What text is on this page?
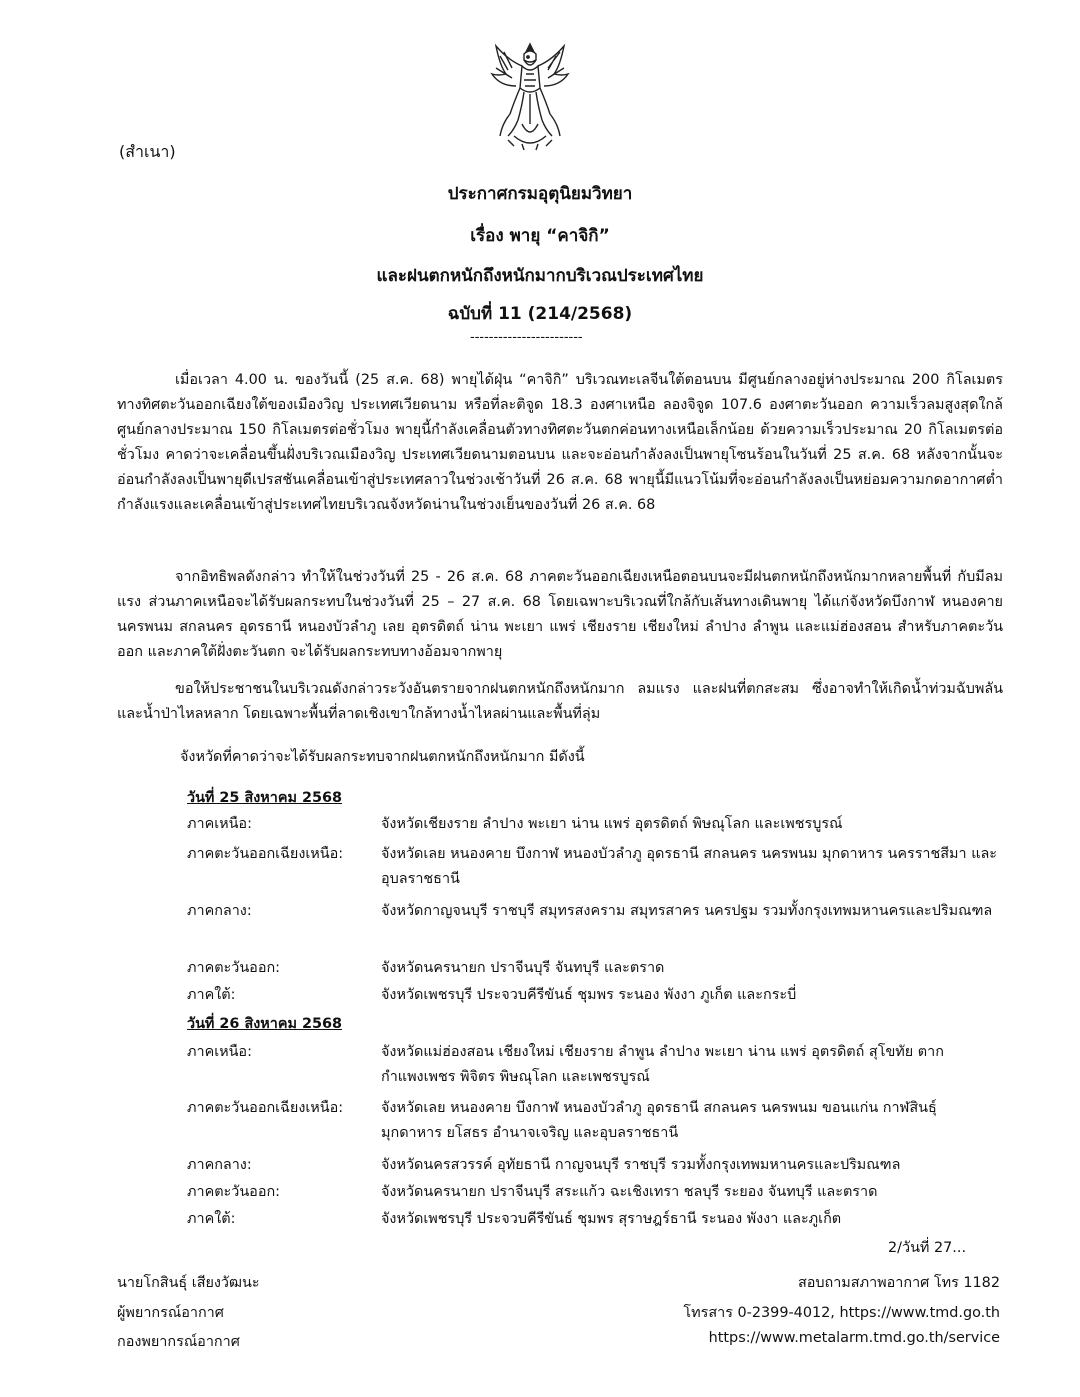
(สำเนา)
ประกาศกรมอุตุนิยมวิทยา
เรื่อง พายุ “คาจิกิ”
และฝนตกหนักถึงหนักมากบริเวณประเทศไทย
ฉบับที่ 11 (214/2568)
------------------------
เมื่อเวลา 4.00 น. ของวันนี้ (25 ส.ค. 68) พายุได้ฝุ่น “คาจิกิ” บริเวณทะเลจีนใต้ตอนบน มีศูนย์กลางอยู่ห่างประมาณ 200 กิโลเมตร ทางทิศตะวันออกเฉียงใต้ของเมืองวิญ ประเทศเวียดนาม หรือที่ละติจูด 18.3 องศาเหนือ ลองจิจูด 107.6 องศาตะวันออก ความเร็วลมสูงสุดใกล้ศูนย์กลางประมาณ 150 กิโลเมตรต่อชั่วโมง พายุนี้กำลังเคลื่อนตัวทางทิศตะวันตกค่อนทางเหนือเล็กน้อย ด้วยความเร็วประมาณ 20 กิโลเมตรต่อชั่วโมง คาดว่าจะเคลื่อนขึ้นฝั่งบริเวณเมืองวิญ ประเทศเวียดนามตอนบน และจะอ่อนกำลังลงเป็นพายุโซนร้อนในวันที่ 25 ส.ค. 68 หลังจากนั้นจะอ่อนกำลังลงเป็นพายุดีเปรสชันเคลื่อนเข้าสู่ประเทศลาวในช่วงเช้าวันที่ 26 ส.ค. 68 พายุนี้มีแนวโน้มที่จะอ่อนกำลังลงเป็นหย่อมความกดอากาศต่ำกำลังแรงและเคลื่อนเข้าสู่ประเทศไทยบริเวณจังหวัดน่านในช่วงเย็นของวันที่ 26 ส.ค. 68
จากอิทธิพลดังกล่าว ทำให้ในช่วงวันที่ 25 - 26 ส.ค. 68 ภาคตะวันออกเฉียงเหนือตอนบนจะมีฝนตกหนักถึงหนักมากหลายพื้นที่ กับมีลมแรง ส่วนภาคเหนือจะได้รับผลกระทบในช่วงวันที่ 25 – 27 ส.ค. 68 โดยเฉพาะบริเวณที่ใกล้กับเส้นทางเดินพายุ ได้แก่จังหวัดบึงกาฬ หนองคาย นครพนม สกลนคร อุดรธานี หนองบัวลำภู เลย อุตรดิตถ์ น่าน พะเยา แพร่ เชียงราย เชียงใหม่ ลำปาง ลำพูน และแม่ฮ่องสอน สำหรับภาคตะวันออก และภาคใต้ฝั่งตะวันตก จะได้รับผลกระทบทางอ้อมจากพายุ
ขอให้ประชาชนในบริเวณดังกล่าวระวังอันตรายจากฝนตกหนักถึงหนักมาก ลมแรง และฝนที่ตกสะสม ซึ่งอาจทำให้เกิดน้ำท่วมฉับพลัน และน้ำป่าไหลหลาก โดยเฉพาะพื้นที่ลาดเชิงเขาใกล้ทางน้ำไหลผ่านและพื้นที่ลุ่ม
จังหวัดที่คาดว่าจะได้รับผลกระทบจากฝนตกหนักถึงหนักมาก มีดังนี้
วันที่ 25 สิงหาคม 2568
ภาคเหนือ:	จังหวัดเชียงราย ลำปาง พะเยา น่าน แพร่ อุตรดิตถ์ พิษณุโลก และเพชรบูรณ์
ภาคตะวันออกเฉียงเหนือ:	จังหวัดเลย หนองคาย บึงกาฬ หนองบัวลำภู อุดรธานี สกลนคร นครพนม มุกดาหาร นครราชสีมา และอุบลราชธานี
ภาคกลาง:	จังหวัดกาญจนบุรี ราชบุรี สมุทรสงคราม สมุทรสาคร นครปฐม รวมทั้งกรุงเทพมหานครและปริมณฑล
ภาคตะวันออก:	จังหวัดนครนายก ปราจีนบุรี จันทบุรี และตราด
ภาคใต้:	จังหวัดเพชรบุรี ประจวบคีรีขันธ์ ชุมพร ระนอง พังงา ภูเก็ต และกระบี่
วันที่ 26 สิงหาคม 2568
ภาคเหนือ:	จังหวัดแม่ฮ่องสอน เชียงใหม่ เชียงราย ลำพูน ลำปาง พะเยา น่าน แพร่ อุตรดิตถ์ สุโขทัย ตาก กำแพงเพชร พิจิตร พิษณุโลก และเพชรบูรณ์
ภาคตะวันออกเฉียงเหนือ:	จังหวัดเลย หนองคาย บึงกาฬ หนองบัวลำภู อุดรธานี สกลนคร นครพนม ขอนแก่น กาฬสินธุ์ มุกดาหาร ยโสธร อำนาจเจริญ และอุบลราชธานี
ภาคกลาง:	จังหวัดนครสวรรค์ อุทัยธานี กาญจนบุรี ราชบุรี รวมทั้งกรุงเทพมหานครและปริมณฑล
ภาคตะวันออก:	จังหวัดนครนายก ปราจีนบุรี สระแก้ว ฉะเชิงเทรา ชลบุรี ระยอง จันทบุรี และตราด
ภาคใต้:	จังหวัดเพชรบุรี ประจวบคีรีขันธ์ ชุมพร สุราษฎร์ธานี ระนอง พังงา และภูเก็ต
2/วันที่ 27...
นายโกสินธุ์ เสียงวัฒนะ
ผู้พยากรณ์อากาศ
กองพยากรณ์อากาศ
สอบถามสภาพอากาศ โทร 1182
โทรสาร 0-2399-4012, https://www.tmd.go.th
https://www.metalarm.tmd.go.th/service
